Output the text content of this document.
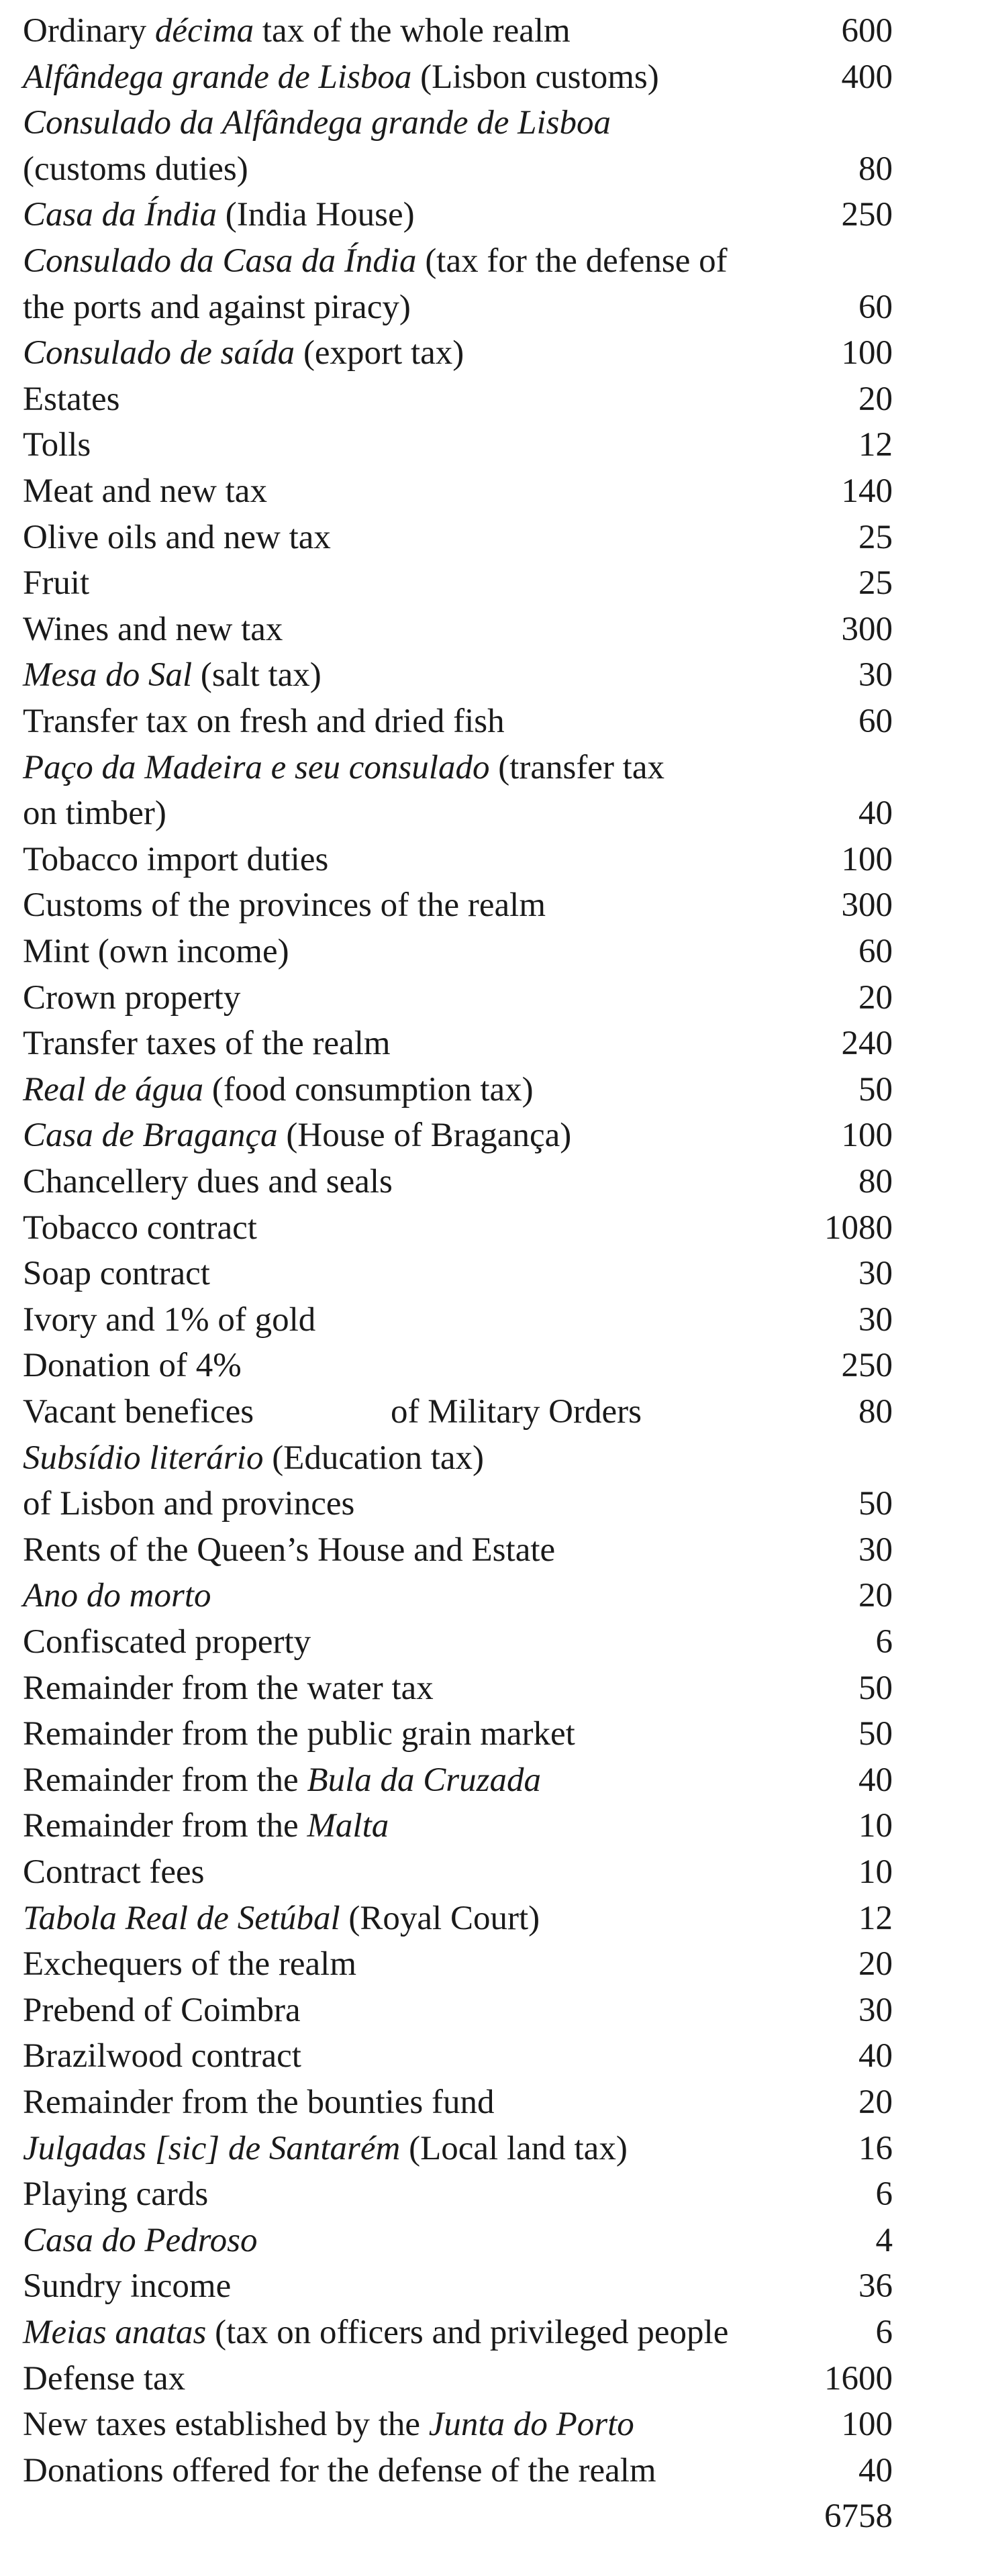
Ordinary décima tax of the whole realm	600
Alfândega grande de Lisboa (Lisbon customs)	400
Consulado da Alfândega grande de Lisboa
(customs duties)	80
Casa da Índia (India House)	250
Consulado da Casa da Índia (tax for the defense of
the ports and against piracy)	60
Consulado de saída (export tax)	100
Estates	20
Tolls	12
Meat and new tax	140
Olive oils and new tax	25
Fruit	25
Wines and new tax	300
Mesa do Sal (salt tax)	30
Transfer tax on fresh and dried fish	60
Paço da Madeira e seu consulado (transfer tax
on timber)	40
Tobacco import duties	100
Customs of the provinces of the realm	300
Mint (own income)	60
Crown property	20
Transfer taxes of the realm	240
Real de água (food consumption tax)	50
Casa de Bragança (House of Bragança)	100
Chancellery dues and seals	80
Tobacco contract	1080
Soap contract	30
Ivory and 1% of gold	30
Donation of 4%	250
Vacant benefices                of Military Orders	80
Subsídio literário (Education tax)
of Lisbon and provinces	50
Rents of the Queen’s House and Estate	30
Ano do morto	20
Confiscated property	6
Remainder from the water tax	50
Remainder from the public grain market	50
Remainder from the Bula da Cruzada	40
Remainder from the Malta	10
Contract fees	10
Tabola Real de Setúbal (Royal Court)	12
Exchequers of the realm	20
Prebend of Coimbra	30
Brazilwood contract	40
Remainder from the bounties fund	20
Julgadas [sic] de Santarém (Local land tax)	16
Playing cards	6
Casa do Pedroso	4
Sundry income	36
Meias anatas (tax on officers and privileged people	6
Defense tax	1600
New taxes established by the Junta do Porto	100
Donations offered for the defense of the realm	40
6758
